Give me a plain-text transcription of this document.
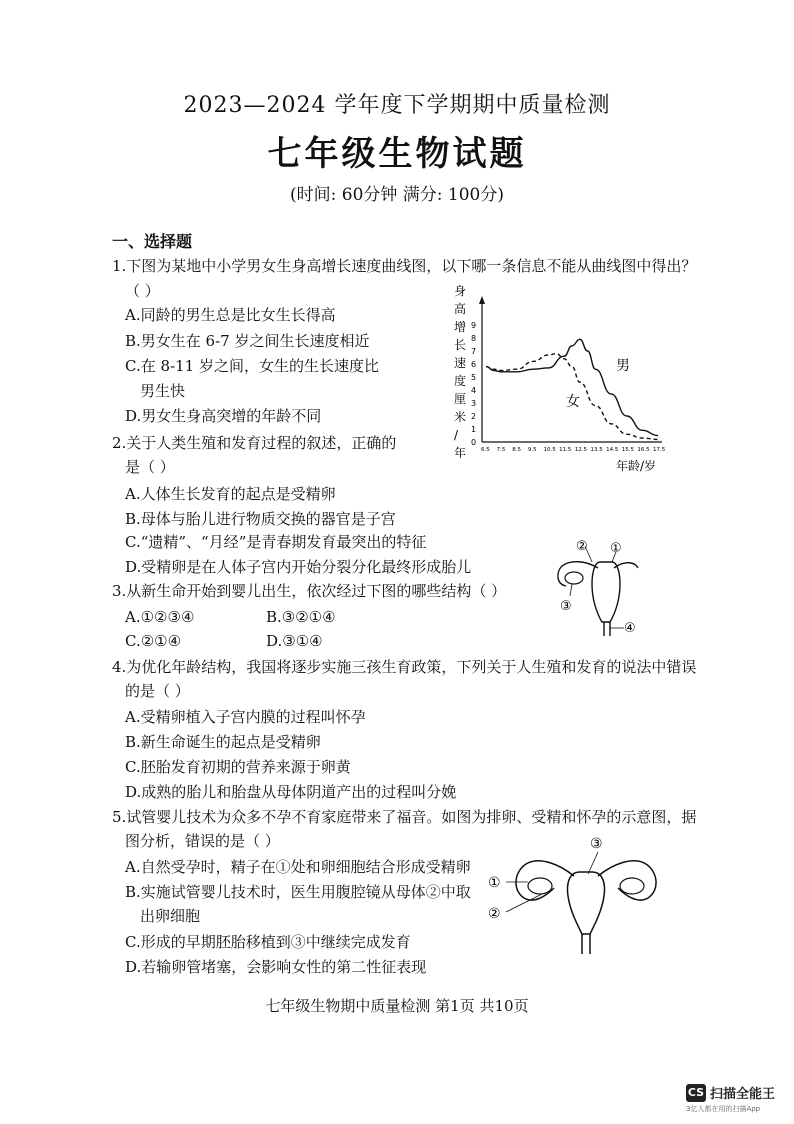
2023—2024 学年度下学期期中质量检测
七年级生物试题
(时间: 60分钟 满分: 100分)
一、选择题
1.下图为某地中小学男女生身高增长速度曲线图，以下哪一条信息不能从曲线图中得出？
（ ）
A.同龄的男生总是比女生长得高
B.男女生在 6-7 岁之间生长速度相近
C.在 8-11 岁之间，女生的生长速度比
男生快
D.男女生身高突增的年龄不同
身
高
增
长
速
度
厘
米
/
年
0
1
2
3
4
5
6
7
8
9
6.5 7.5 8.5 9.5 10.5 11.5 12.5 13.5 14.5 15.5 16.5 17.5
男
女
年龄/岁
2.关于人类生殖和发育过程的叙述，正确的
是（ ）
A.人体生长发育的起点是受精卵
B.母体与胎儿进行物质交换的器官是子宫
C.“遗精”、“月经”是青春期发育最突出的特征
D.受精卵是在人体子宫内开始分裂分化最终形成胎儿
3.从新生命开始到婴儿出生，依次经过下图的哪些结构（ ）
A.①②③④	B.③②①④
C.②①④	D.③①④
② ①
③
④
4.为优化年龄结构，我国将逐步实施三孩生育政策，下列关于人生殖和发育的说法中错误
的是（ ）
A.受精卵植入子宫内膜的过程叫怀孕
B.新生命诞生的起点是受精卵
C.胚胎发育初期的营养来源于卵黄
D.成熟的胎儿和胎盘从母体阴道产出的过程叫分娩
5.试管婴儿技术为众多不孕不育家庭带来了福音。如图为排卵、受精和怀孕的示意图，据
图分析，错误的是（ ）
A.自然受孕时，精子在①处和卵细胞结合形成受精卵
B.实施试管婴儿技术时，医生用腹腔镜从母体②中取
出卵细胞
C.形成的早期胚胎移植到③中继续完成发育
D.若输卵管堵塞，会影响女性的第二性征表现
③
①
②
七年级生物期中质量检测 第1页 共10页
CS 扫描全能王
3亿人都在用的扫描App
